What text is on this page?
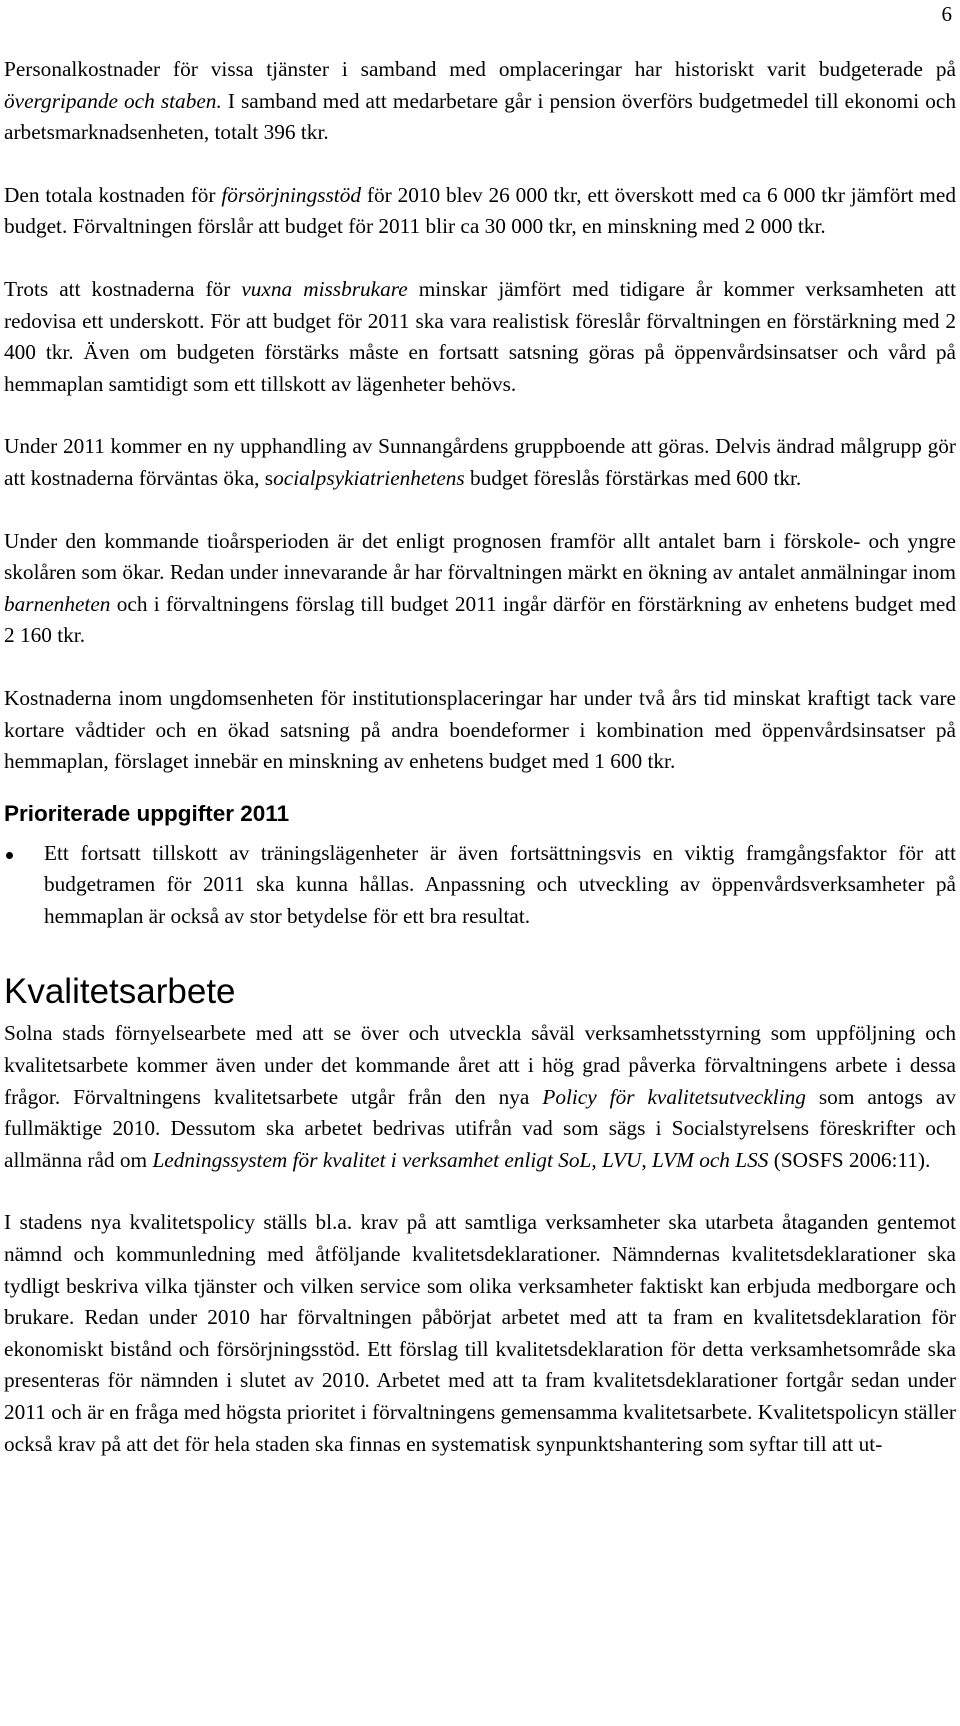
6

Personalkostnader för vissa tjänster i samband med omplaceringar har historiskt varit budgeterade på övergripande och staben. I samband med att medarbetare går i pension överförs budgetmedel till ekonomi och arbetsmarknadsenheten, totalt 396 tkr.

Den totala kostnaden för försörjningsstöd för 2010 blev 26 000 tkr, ett överskott med ca 6 000 tkr jämfört med budget. Förvaltningen förslår att budget för 2011 blir ca 30 000 tkr, en minskning med 2 000 tkr.

Trots att kostnaderna för vuxna missbrukare minskar jämfört med tidigare år kommer verksamheten att redovisa ett underskott. För att budget för 2011 ska vara realistisk föreslår förvaltningen en förstärkning med 2 400 tkr. Även om budgeten förstärks måste en fortsatt satsning göras på öppenvårdsinsatser och vård på hemmaplan samtidigt som ett tillskott av lägenheter behövs.

Under 2011 kommer en ny upphandling av Sunnangårdens gruppboende att göras. Delvis ändrad målgrupp gör att kostnaderna förväntas öka, socialpsykiatrienhetens budget föreslås förstärkas med 600 tkr.

Under den kommande tioårsperioden är det enligt prognosen framför allt antalet barn i förskole- och yngre skolåren som ökar. Redan under innevarande år har förvaltningen märkt en ökning av antalet anmälningar inom barnenheten och i förvaltningens förslag till budget 2011 ingår därför en förstärkning av enhetens budget med 2 160 tkr.

Kostnaderna inom ungdomsenheten för institutionsplaceringar har under två års tid minskat kraftigt tack vare kortare vådtider och en ökad satsning på andra boendeformer i kombination med öppenvårdsinsatser på hemmaplan, förslaget innebär en minskning av enhetens budget med 1 600 tkr.

Prioriterade uppgifter 2011
Ett fortsatt tillskott av träningslägenheter är även fortsättningsvis en viktig framgångsfaktor för att budgetramen för 2011 ska kunna hållas. Anpassning och utveckling av öppenvårdsverksamheter på hemmaplan är också av stor betydelse för ett bra resultat.
Kvalitetsarbete

Solna stads förnyelsearbete med att se över och utveckla såväl verksamhetsstyrning som uppföljning och kvalitetsarbete kommer även under det kommande året att i hög grad påverka förvaltningens arbete i dessa frågor. Förvaltningens kvalitetsarbete utgår från den nya Policy för kvalitetsutveckling som antogs av fullmäktige 2010. Dessutom ska arbetet bedrivas utifrån vad som sägs i Socialstyrelsens föreskrifter och allmänna råd om Ledningssystem för kvalitet i verksamhet enligt SoL, LVU, LVM och LSS (SOSFS 2006:11).

I stadens nya kvalitetspolicy ställs bl.a. krav på att samtliga verksamheter ska utarbeta åtaganden gentemot nämnd och kommunledning med åtföljande kvalitetsdeklarationer. Nämndernas kvalitetsdeklarationer ska tydligt beskriva vilka tjänster och vilken service som olika verksamheter faktiskt kan erbjuda medborgare och brukare. Redan under 2010 har förvaltningen påbörjat arbetet med att ta fram en kvalitetsdeklaration för ekonomiskt bistånd och försörjningsstöd. Ett förslag till kvalitetsdeklaration för detta verksamhetsområde ska presenteras för nämnden i slutet av 2010. Arbetet med att ta fram kvalitetsdeklarationer fortgår sedan under 2011 och är en fråga med högsta prioritet i förvaltningens gemensamma kvalitetsarbete. Kvalitetspolicyn ställer också krav på att det för hela staden ska finnas en systematisk synpunktshantering som syftar till att ut-
